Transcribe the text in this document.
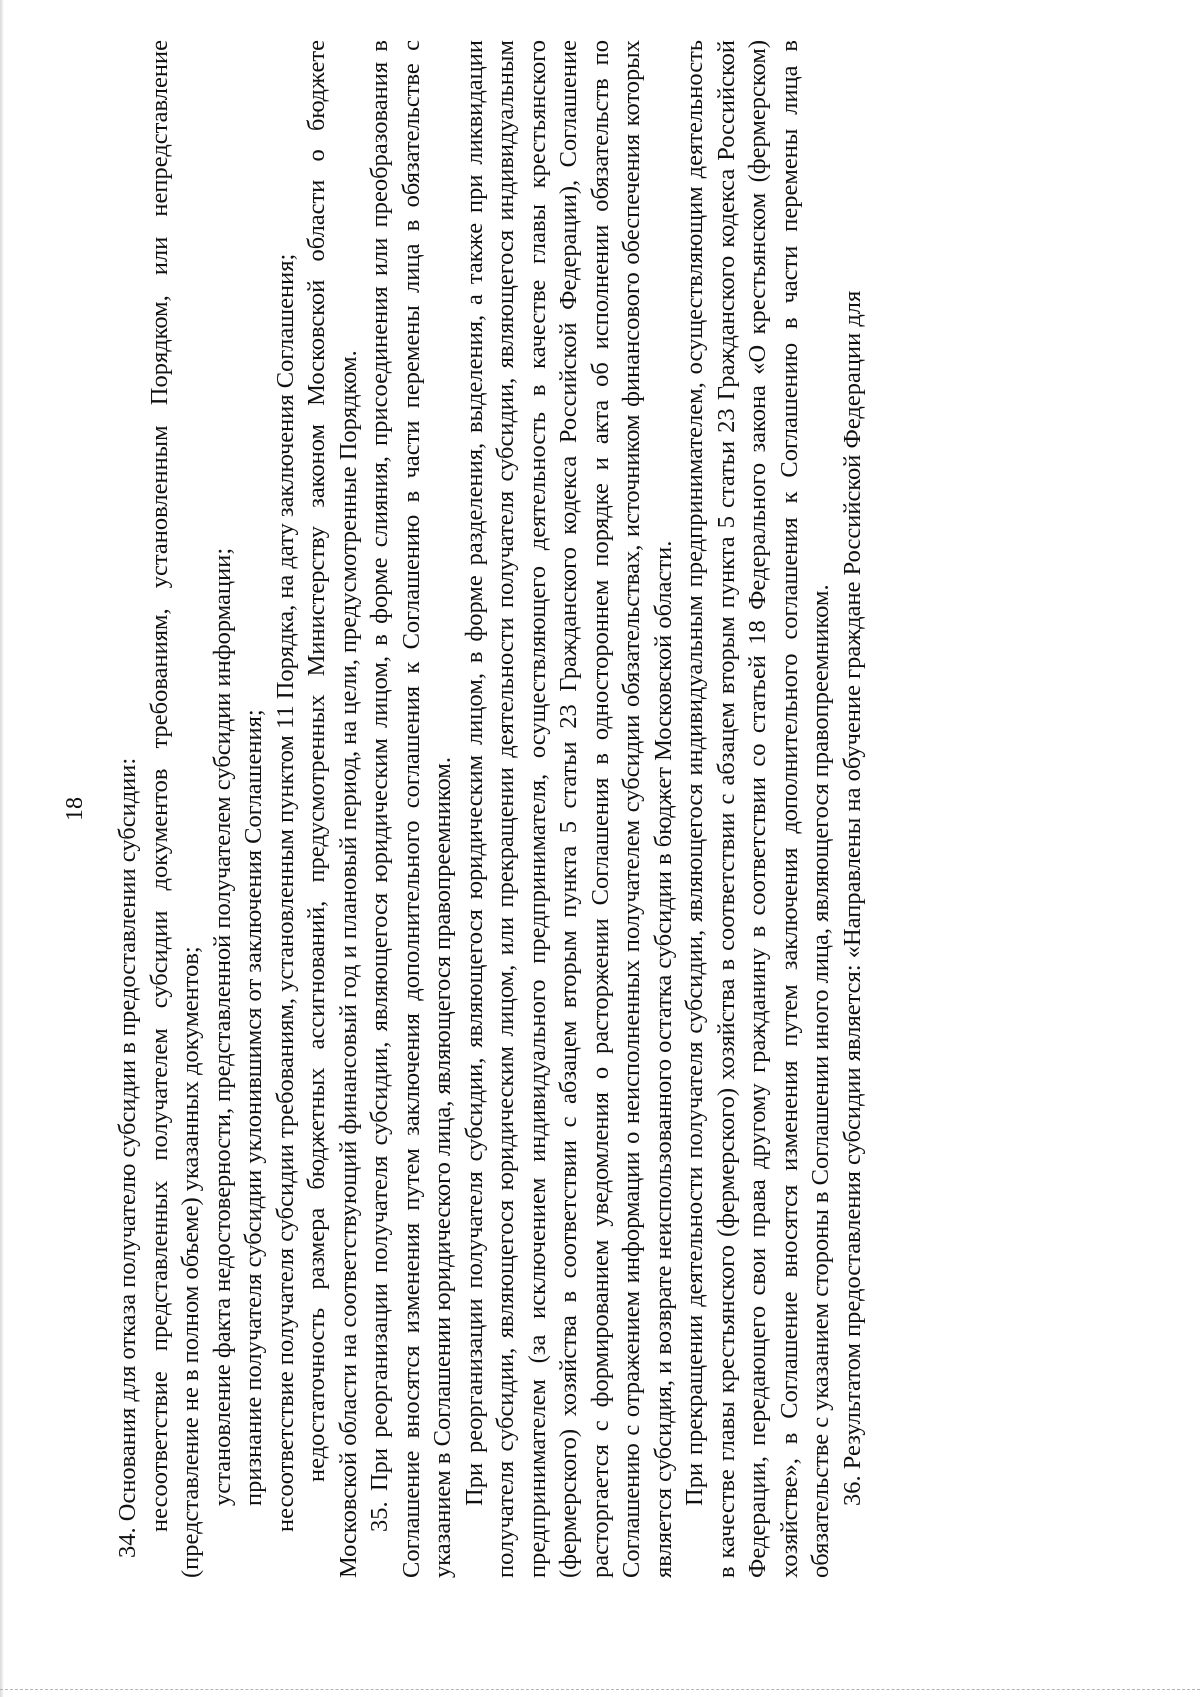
18 34. Основания для отказа получателю субсидии в предоставлении субсидии: несоответствие представленных получателем субсидии документов требованиям, установленным Порядком, или непредставление (представление не в полном объеме) указанных документов; установление факта недостоверности, представленной получателем субсидии информации; признание получателя субсидии уклонившимся от заключения Соглашения; несоответствие получателя субсидии требованиям, установленным пунктом 11 Порядка, на дату заключения Соглашения; недостаточность размера бюджетных ассигнований, предусмотренных Министерству законом Московской области о бюджете Московской области на соответствующий финансовый год и плановый период, на цели, предусмотренные Порядком. 35. При реорганизации получателя субсидии, являющегося юридическим лицом, в форме слияния, присоединения или преобразования в Соглашение вносятся изменения путем заключения дополнительного соглашения к Соглашению в части перемены лица в обязательстве с указанием в Соглашении юридического лица, являющегося правопреемником. При реорганизации получателя субсидии, являющегося юридическим лицом, в форме разделения, выделения, а также при ликвидации получателя субсидии, являющегося юридическим лицом, или прекращении деятельности получателя субсидии, являющегося индивидуальным предпринимателем (за исключением индивидуального предпринимателя, осуществляющего деятельность в качестве главы крестьянского (фермерского) хозяйства в соответствии с абзацем вторым пункта 5 статьи 23 Гражданского кодекса Российской Федерации), Соглашение расторгается с формированием уведомления о расторжении Соглашения в одностороннем порядке и акта об исполнении обязательств по Соглашению с отражением информации о неисполненных получателем субсидии обязательствах, источником финансового обеспечения которых является субсидия, и возврате неиспользованного остатка субсидии в бюджет Московской области. При прекращении деятельности получателя субсидии, являющегося индивидуальным предпринимателем, осуществляющим деятельность в качестве главы крестьянского (фермерского) хозяйства в соответствии с абзацем вторым пункта 5 статьи 23 Гражданского кодекса Российской Федерации, передающего свои права другому гражданину в соответствии со статьей 18 Федерального закона «О крестьянском (фермерском) хозяйстве», в Соглашение вносятся изменения путем заключения дополнительного соглашения к Соглашению в части перемены лица в обязательстве с указанием стороны в Соглашении иного лица, являющегося правопреемником. 36. Результатом предоставления субсидии является: «Направлены на обучение граждане Российской Федерации для
